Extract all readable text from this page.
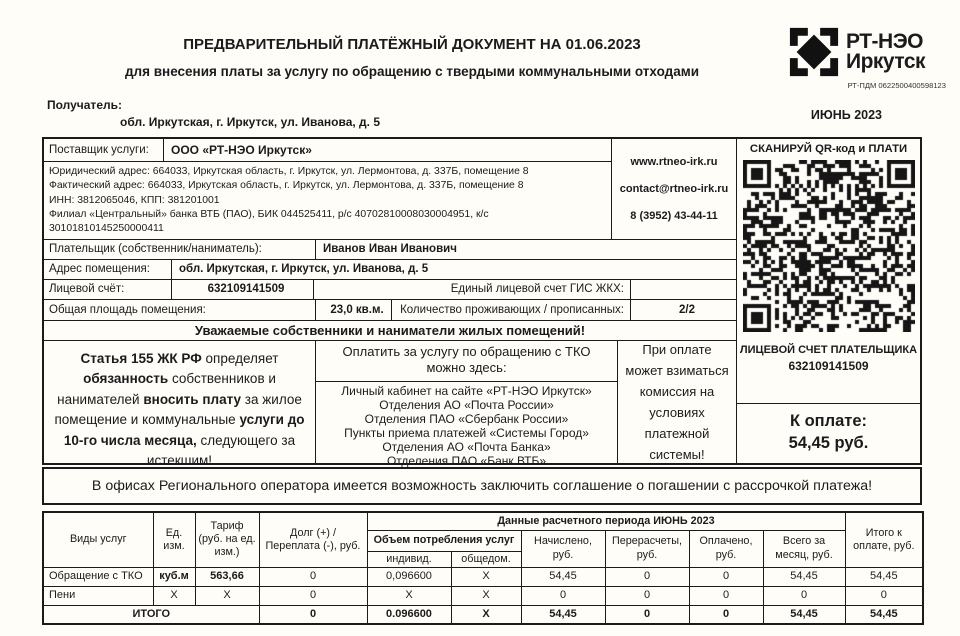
ПРЕДВАРИТЕЛЬНЫЙ ПЛАТЁЖНЫЙ ДОКУМЕНТ НА 01.06.2023
для внесения платы за услугу по обращению с твердыми коммунальными отходами
Получатель:
обл. Иркутская, г. Иркутск, ул. Иванова, д. 5	ИЮНЬ 2023
РТ-НЭО
Иркутск
РТ-ПДМ 0622500400598123
Поставщик услуги:	ООО «РТ-НЭО Иркутск»
Юридический адрес: 664033, Иркутская область, г. Иркутск, ул. Лермонтова, д. 337Б, помещение 8
Фактический адрес: 664033, Иркутская область, г. Иркутск, ул. Лермонтова, д. 337Б, помещение 8
ИНН: 3812065046, КПП: 381201001
Филиал «Центральный» банка ВТБ (ПАО), БИК 044525411, р/с 40702810008030004951, к/с 30101810145250000411
www.rtneo-irk.ru
contact@rtneo-irk.ru
8 (3952) 43-44-11
Плательщик (собственник/наниматель):	Иванов Иван Иванович
Адрес помещения:	обл. Иркутская, г. Иркутск, ул. Иванова, д. 5
Лицевой счёт:	632109141509	Единый лицевой счет ГИС ЖКХ:
Общая площадь помещения:	23,0 кв.м.	Количество проживающих / прописанных:	2/2
Уважаемые собственники и наниматели жилых помещений!
Статья 155 ЖК РФ определяет обязанность собственников и нанимателей вносить плату за жилое помещение и коммунальные услуги до 10-го числа месяца, следующего за истекшим!
Оплатить за услугу по обращению с ТКО можно здесь:
Личный кабинет на сайте «РТ-НЭО Иркутск»
Отделения АО «Почта России»
Отделения ПАО «Сбербанк России»
Пункты приема платежей «Системы Город»
Отделения АО «Почта Банка»
Отделения ПАО «Банк ВТБ»
При оплате может взиматься комиссия на условиях платежной системы!
СКАНИРУЙ QR-код и ПЛАТИ
ЛИЦЕВОЙ СЧЕТ ПЛАТЕЛЬЩИКА
632109141509
К оплате:
54,45 руб.
В офисах Регионального оператора имеется возможность заключить соглашение о погашении с рассрочкой платежа!
Виды услуг	Ед. изм.	Тариф (руб. на ед. изм.)	Долг (+) / Переплата (-), руб.	Данные расчетного периода ИЮНЬ 2023						Итого к оплате, руб.
				Объем потребления услуг		Начислено, руб.	Перерасчеты, руб.	Оплачено, руб.	Всего за месяц, руб.	
				индивид.	общедом.					
Обращение с ТКО	куб.м	563,66	0	0,096600	X	54,45	0	0	54,45	54,45
Пени	X	X	0	X	X	0	0	0	0	0
ИТОГО			0	0.096600	X	54,45	0	0	54,45	54,45
